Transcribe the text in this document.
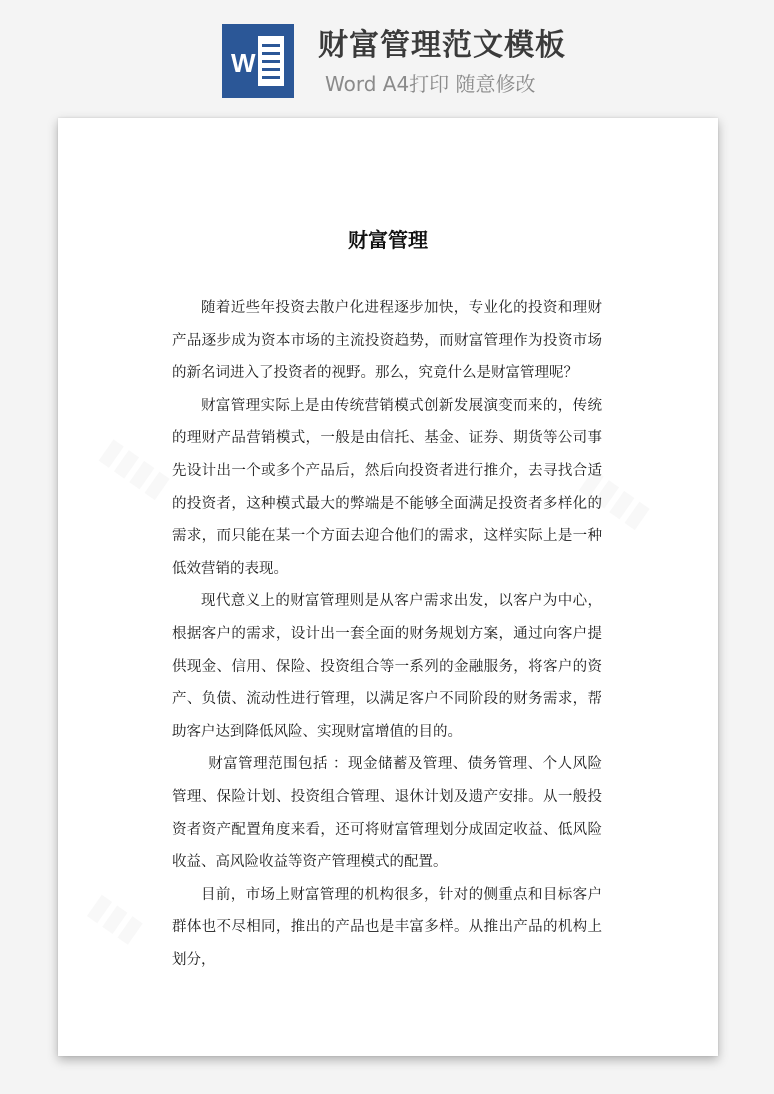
W 财富管理范文模板
Word A4打印 随意修改
▮▮▮▮	▮▮▮▮
▮▮▮
财富管理

随着近些年投资去散户化进程逐步加快，专业化的投资和理财产品逐步成为资本市场的主流投资趋势，而财富管理作为投资市场的新名词进入了投资者的视野。那么，究竟什么是财富管理呢？

财富管理实际上是由传统营销模式创新发展演变而来的，传统的理财产品营销模式，一般是由信托、基金、证券、期货等公司事先设计出一个或多个产品后，然后向投资者进行推介，去寻找合适的投资者，这种模式最大的弊端是不能够全面满足投资者多样化的需求，而只能在某一个方面去迎合他们的需求，这样实际上是一种低效营销的表现。

现代意义上的财富管理则是从客户需求出发，以客户为中心，根据客户的需求，设计出一套全面的财务规划方案，通过向客户提供现金、信用、保险、投资组合等一系列的金融服务，将客户的资产、负债、流动性进行管理，以满足客户不同阶段的财务需求，帮助客户达到降低风险、实现财富增值的目的。

财富管理范围包括 ：现金储蓄及管理、债务管理、个人风险管理、保险计划、投资组合管理、退休计划及遗产安排。从一般投资者资产配置角度来看，还可将财富管理划分成固定收益、低风险收益、高风险收益等资产管理模式的配置。

目前，市场上财富管理的机构很多，针对的侧重点和目标客户群体也不尽相同，推出的产品也是丰富多样。从推出产品的机构上划分，
